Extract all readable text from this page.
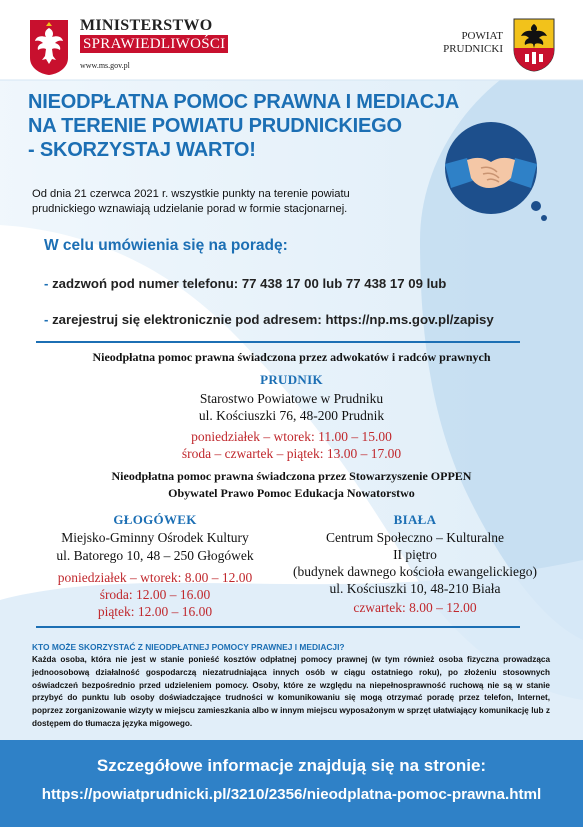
MINISTERSTWO
SPRAWIEDLIWOŚCI
www.ms.gov.pl
POWIAT
PRUDNICKI
NIEODPŁATNA POMOC PRAWNA I MEDIACJA
NA TERENIE POWIATU PRUDNICKIEGO
- SKORZYSTAJ WARTO!
Od dnia 21 czerwca 2021 r. wszystkie punkty na terenie powiatu
prudnickiego wznawiają udzielanie porad w formie stacjonarnej.
W celu umówienia się na poradę:
- zadzwoń pod numer telefonu: 77 438 17 00 lub 77 438 17 09 lub
- zarejestruj się elektronicznie pod adresem: https://np.ms.gov.pl/zapisy
Nieodpłatna pomoc prawna świadczona przez adwokatów i radców prawnych
PRUDNIK
Starostwo Powiatowe w Prudniku
ul. Kościuszki 76, 48-200 Prudnik
poniedziałek – wtorek: 11.00 – 15.00
środa – czwartek – piątek: 13.00 – 17.00
Nieodpłatna pomoc prawna świadczona przez Stowarzyszenie OPPEN
Obywatel Prawo Pomoc Edukacja Nowatorstwo
GŁOGÓWEK
Miejsko-Gminny Ośrodek Kultury
ul. Batorego 10, 48 – 250 Głogówek
poniedziałek – wtorek: 8.00 – 12.00
środa: 12.00 – 16.00
piątek: 12.00 – 16.00
BIAŁA
Centrum Społeczno – Kulturalne
II piętro
(budynek dawnego kościoła ewangelickiego)
ul. Kościuszki 10, 48-210 Biała
czwartek: 8.00 – 12.00
KTO MOŻE SKORZYSTAĆ Z NIEODPŁATNEJ POMOCY PRAWNEJ I MEDIACJI?
Każda osoba, która nie jest w stanie ponieść kosztów odpłatnej pomocy prawnej (w tym również osoba fizyczna prowadząca jednoosobową działalność gospodarczą niezatrudniająca innych osób w ciągu ostatniego roku), po złożeniu stosownych oświadczeń bezpośrednio przed udzieleniem pomocy. Osoby, które ze względu na niepełnosprawność ruchową nie są w stanie przybyć do punktu lub osoby doświadczające trudności w komunikowaniu się mogą otrzymać poradę przez telefon, Internet, poprzez zorganizowanie wizyty w miejscu zamieszkania albo w innym miejscu wyposażonym w sprzęt ułatwiający komunikację lub z dostępem do tłumacza języka migowego.
Szczegółowe informacje znajdują się na stronie:
https://powiatprudnicki.pl/3210/2356/nieodplatna-pomoc-prawna.html
